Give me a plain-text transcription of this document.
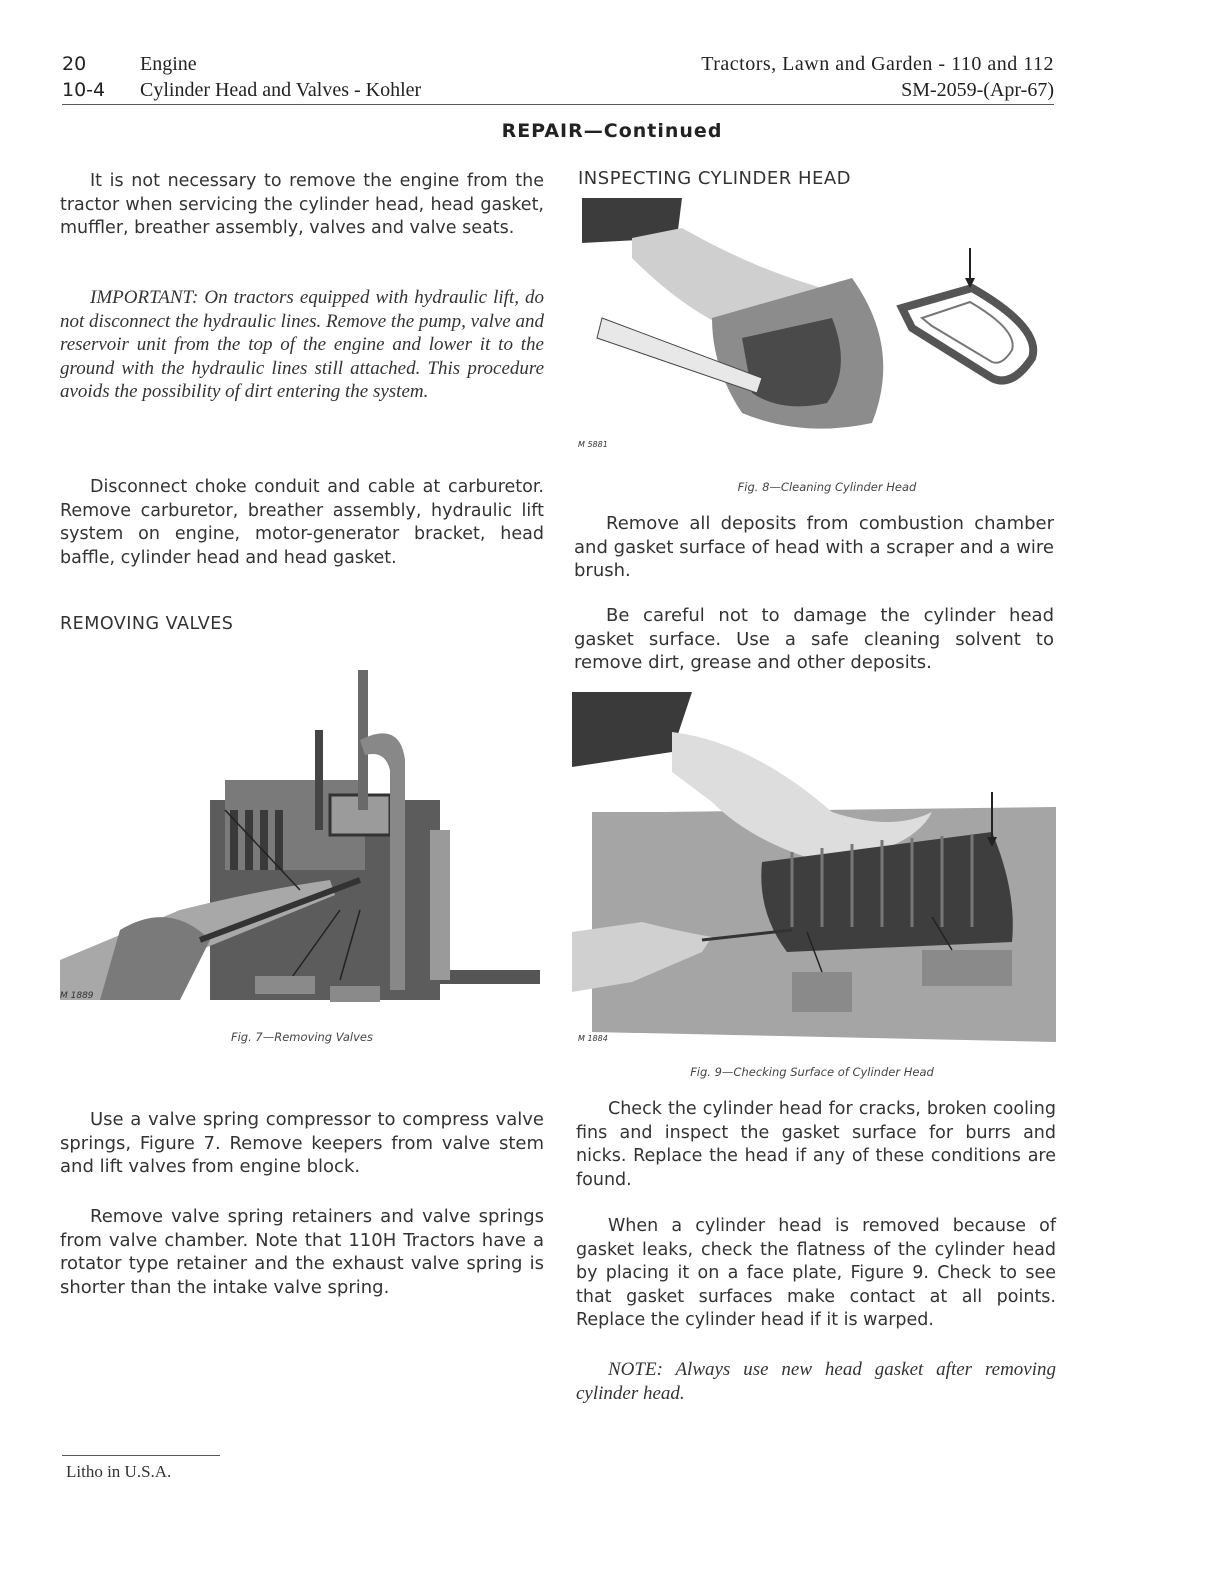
20
10-4
Engine
Cylinder Head and Valves - Kohler
Tractors, Lawn and Garden - 110 and 112
SM-2059-(Apr-67)
REPAIR—Continued
It is not necessary to remove the engine from the tractor when servicing the cylinder head, head gasket, muffler, breather assembly, valves and valve seats.
IMPORTANT: On tractors equipped with hydraulic lift, do not disconnect the hydraulic lines. Remove the pump, valve and reservoir unit from the top of the engine and lower it to the ground with the hydraulic lines still attached. This procedure avoids the possibility of dirt entering the system.
Disconnect choke conduit and cable at carburetor. Remove carburetor, breather assembly, hydraulic lift system on engine, motor-generator bracket, head baffle, cylinder head and head gasket.
REMOVING VALVES
M 1889
Fig. 7—Removing Valves
Use a valve spring compressor to compress valve springs, Figure 7. Remove keepers from valve stem and lift valves from engine block.
Remove valve spring retainers and valve springs from valve chamber. Note that 110H Tractors have a rotator type retainer and the exhaust valve spring is shorter than the intake valve spring.
INSPECTING CYLINDER HEAD
M 5881
Fig. 8—Cleaning Cylinder Head
Remove all deposits from combustion chamber and gasket surface of head with a scraper and a wire brush.
Be careful not to damage the cylinder head gasket surface. Use a safe cleaning solvent to remove dirt, grease and other deposits.
M 1884
Fig. 9—Checking Surface of Cylinder Head
Check the cylinder head for cracks, broken cooling fins and inspect the gasket surface for burrs and nicks. Replace the head if any of these conditions are found.
When a cylinder head is removed because of gasket leaks, check the flatness of the cylinder head by placing it on a face plate, Figure 9. Check to see that gasket surfaces make contact at all points. Replace the cylinder head if it is warped.
NOTE: Always use new head gasket after removing cylinder head.
Litho in U.S.A.
